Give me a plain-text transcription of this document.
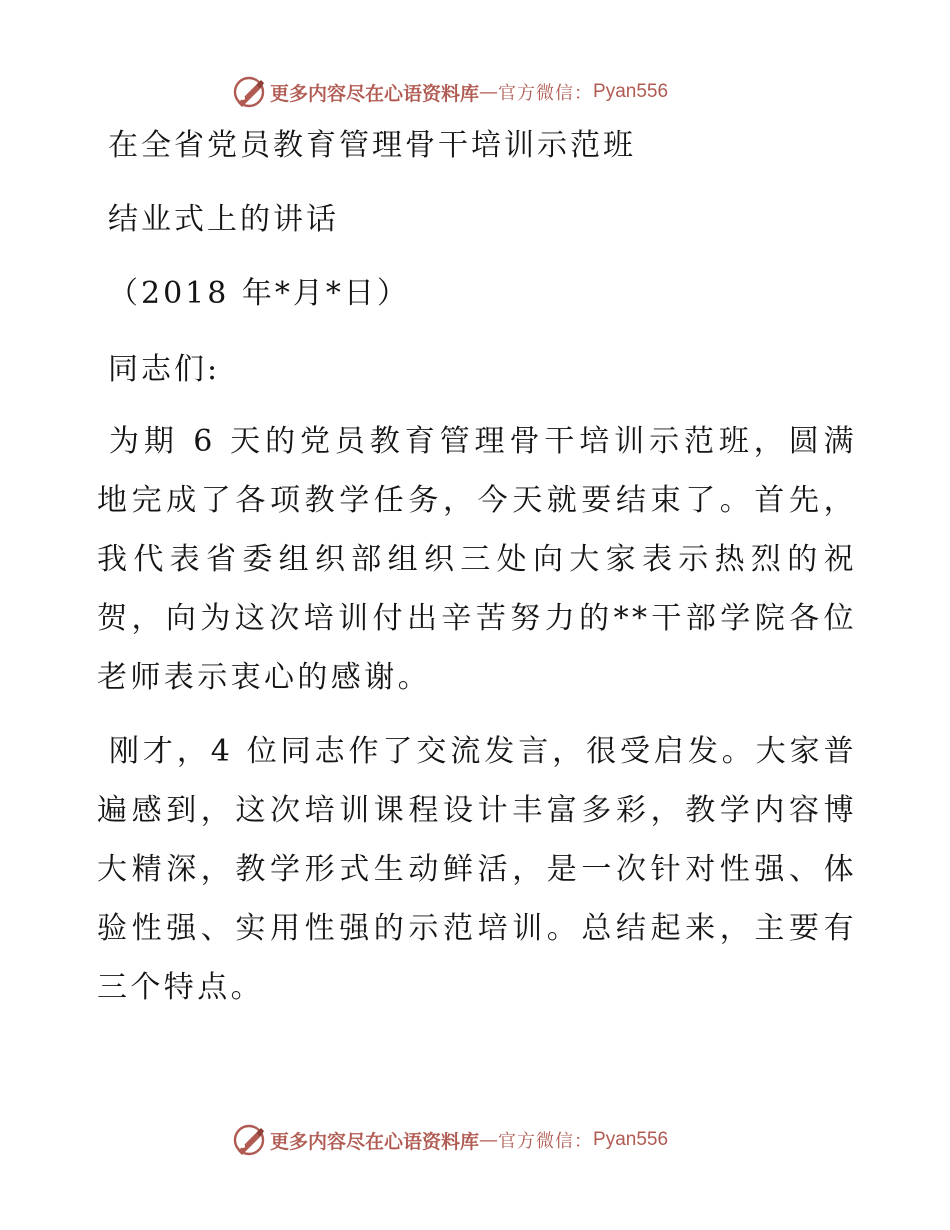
更多内容尽在心语资料库 — 官方微信： Pyan556
在全省党员教育管理骨干培训示范班
结业式上的讲话
（2018 年*月*日）
同志们:

为期 6 天的党员教育管理骨干培训示范班，圆满地完成了各项教学任务，今天就要结束了。首先，我代表省委组织部组织三处向大家表示热烈的祝贺，向为这次培训付出辛苦努力的**干部学院各位老师表示衷心的感谢。

刚才，4 位同志作了交流发言，很受启发。大家普遍感到，这次培训课程设计丰富多彩，教学内容博大精深，教学形式生动鲜活，是一次针对性强、体验性强、实用性强的示范培训。总结起来，主要有三个特点。

更多内容尽在心语资料库 — 官方微信： Pyan556
